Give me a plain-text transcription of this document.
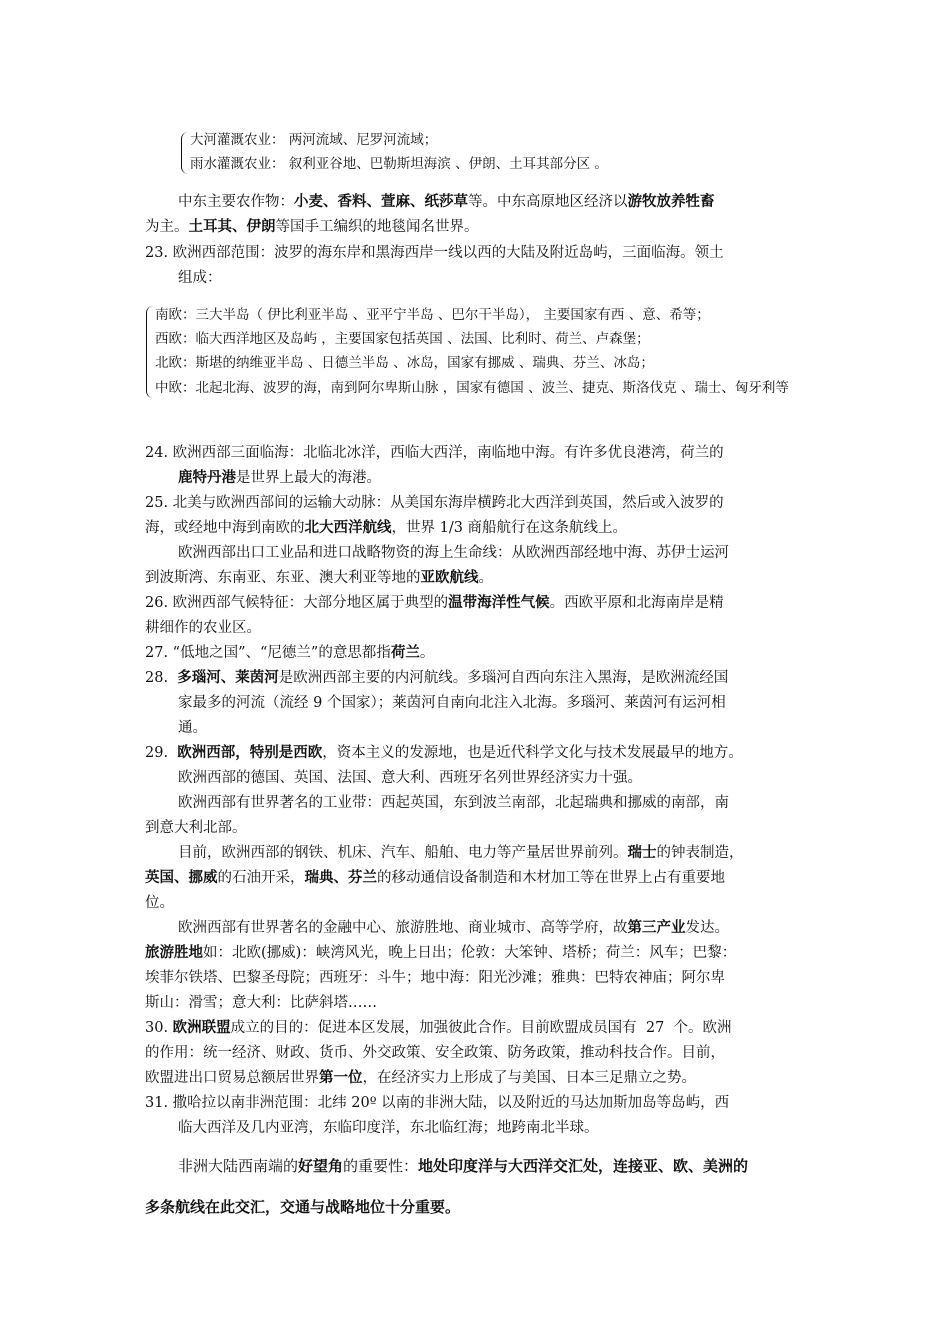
大河灌溉农业： 两河流域、尼罗河流域；
雨水灌溉农业： 叙利亚谷地、巴勒斯坦海滨 、伊朗、土耳其部分区 。
中东主要农作物：小麦、香料、萱麻、纸莎草等。中东高原地区经济以游牧放养牲畜
为主。土耳其、伊朗等国手工编织的地毯闻名世界。
23. 欧洲西部范围：波罗的海东岸和黑海西岸一线以西的大陆及附近岛屿，三面临海。领土
组成：
南欧：三大半岛（ 伊比利亚半岛 、亚平宁半岛 、巴尔干半岛）， 主要国家有西 、意、希等；
西欧：临大西洋地区及岛屿 ，主要国家包括英国 、法国、比利时、荷兰、卢森堡；
北欧：斯堪的纳维亚半岛 、日德兰半岛 、冰岛，国家有挪威 、瑞典、芬兰、冰岛；
中欧：北起北海、波罗的海，南到阿尔卑斯山脉 ，国家有德国 、波兰、捷克、斯洛伐克 、瑞士、匈牙利等
24. 欧洲西部三面临海：北临北冰洋，西临大西洋，南临地中海。有许多优良港湾，荷兰的
鹿特丹港是世界上最大的海港。
25. 北美与欧洲西部间的运输大动脉：从美国东海岸横跨北大西洋到英国，然后或入波罗的
海，或经地中海到南欧的北大西洋航线，世界 1/3 商船航行在这条航线上。
欧洲西部出口工业品和进口战略物资的海上生命线：从欧洲西部经地中海、苏伊士运河
到波斯湾、东南亚、东亚、澳大利亚等地的亚欧航线。
26. 欧洲西部气候特征：大部分地区属于典型的温带海洋性气候。西欧平原和北海南岸是精
耕细作的农业区。
27. “低地之国”、“尼德兰”的意思都指荷兰。
28.  多瑙河、莱茵河是欧洲西部主要的内河航线。多瑙河自西向东注入黑海，是欧洲流经国
家最多的河流（流经 9 个国家）；莱茵河自南向北注入北海。多瑙河、莱茵河有运河相
通。
29.  欧洲西部，特别是西欧，资本主义的发源地，也是近代科学文化与技术发展最早的地方。
欧洲西部的德国、英国、法国、意大利、西班牙名列世界经济实力十强。
欧洲西部有世界著名的工业带：西起英国，东到波兰南部，北起瑞典和挪威的南部，南
到意大利北部。
目前，欧洲西部的钢铁、机床、汽车、船舶、电力等产量居世界前列。瑞士的钟表制造，
英国、挪威的石油开采，瑞典、芬兰的移动通信设备制造和木材加工等在世界上占有重要地
位。
欧洲西部有世界著名的金融中心、旅游胜地、商业城市、高等学府，故第三产业发达。
旅游胜地如：北欧(挪威)：峡湾风光，晚上日出；伦敦：大笨钟、塔桥；荷兰：风车；巴黎：
埃菲尔铁塔、巴黎圣母院；西班牙：斗牛；地中海：阳光沙滩；雅典：巴特农神庙；阿尔卑
斯山：滑雪；意大利：比萨斜塔……
30. 欧洲联盟成立的目的：促进本区发展，加强彼此合作。目前欧盟成员国有  27  个。欧洲
的作用：统一经济、财政、货币、外交政策、安全政策、防务政策，推动科技合作。目前，
欧盟进出口贸易总额居世界第一位，在经济实力上形成了与美国、日本三足鼎立之势。
31. 撒哈拉以南非洲范围：北纬 20º 以南的非洲大陆，以及附近的马达加斯加岛等岛屿，西
临大西洋及几内亚湾，东临印度洋，东北临红海；地跨南北半球。
非洲大陆西南端的好望角的重要性：地处印度洋与大西洋交汇处，连接亚、欧、美洲的
多条航线在此交汇，交通与战略地位十分重要。
